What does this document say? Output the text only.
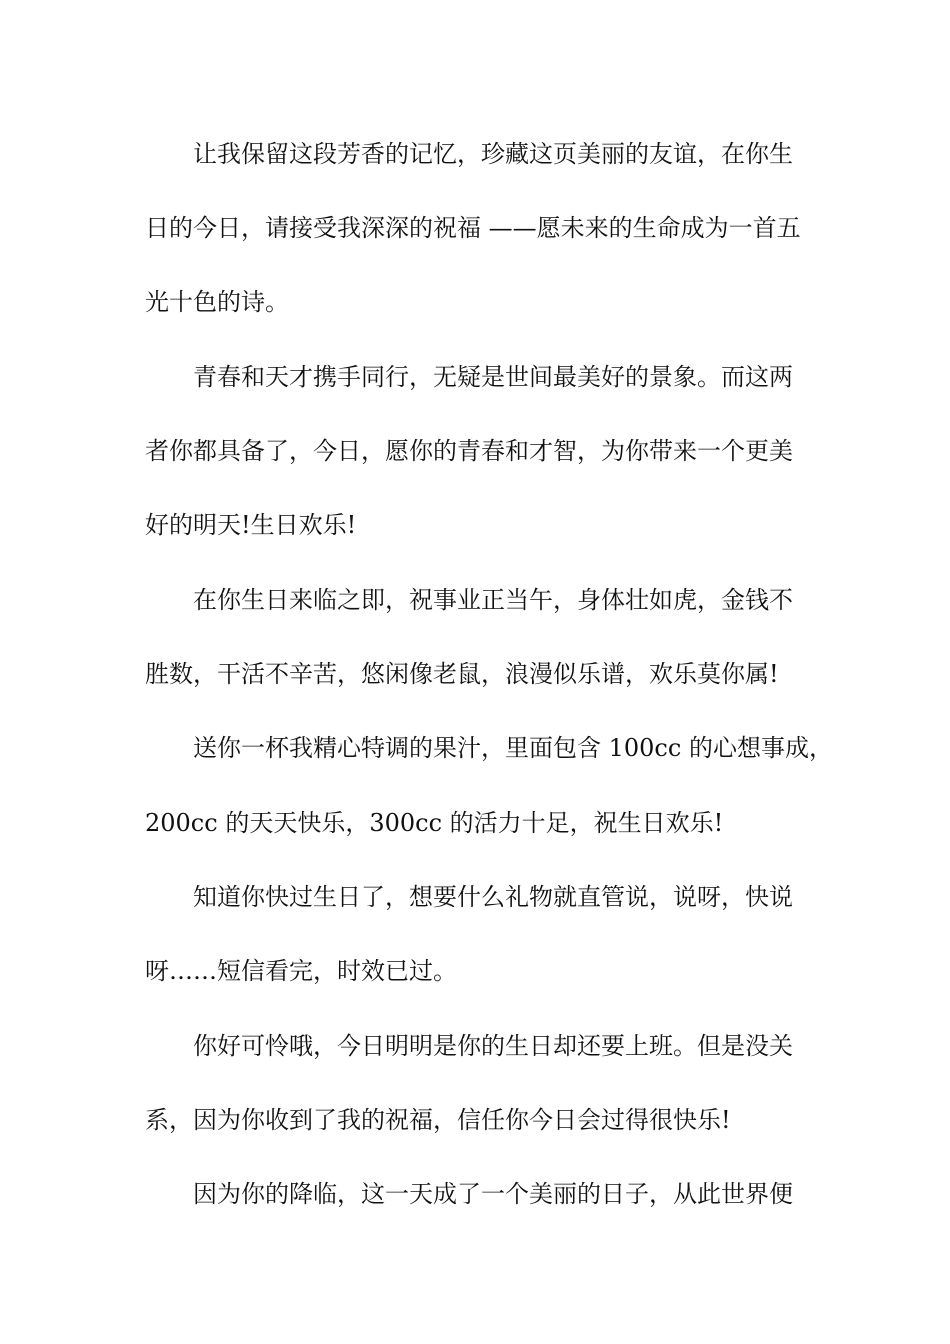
　　让我保留这段芳香的记忆，珍藏这页美丽的友谊，在你生
日的今日，请接受我深深的祝福 ——愿未来的生命成为一首五
光十色的诗。
　　青春和天才携手同行，无疑是世间最美好的景象。而这两
者你都具备了，今日，愿你的青春和才智，为你带来一个更美
好的明天!生日欢乐!
　　在你生日来临之即，祝事业正当午，身体壮如虎，金钱不
胜数，干活不辛苦，悠闲像老鼠，浪漫似乐谱，欢乐莫你属!
　　送你一杯我精心特调的果汁，里面包含 100cc 的心想事成，
200cc 的天天快乐，300cc 的活力十足，祝生日欢乐!
　　知道你快过生日了，想要什么礼物就直管说，说呀，快说
呀……短信看完，时效已过。
　　你好可怜哦，今日明明是你的生日却还要上班。但是没关
系，因为你收到了我的祝福，信任你今日会过得很快乐!
　　因为你的降临，这一天成了一个美丽的日子，从此世界便
